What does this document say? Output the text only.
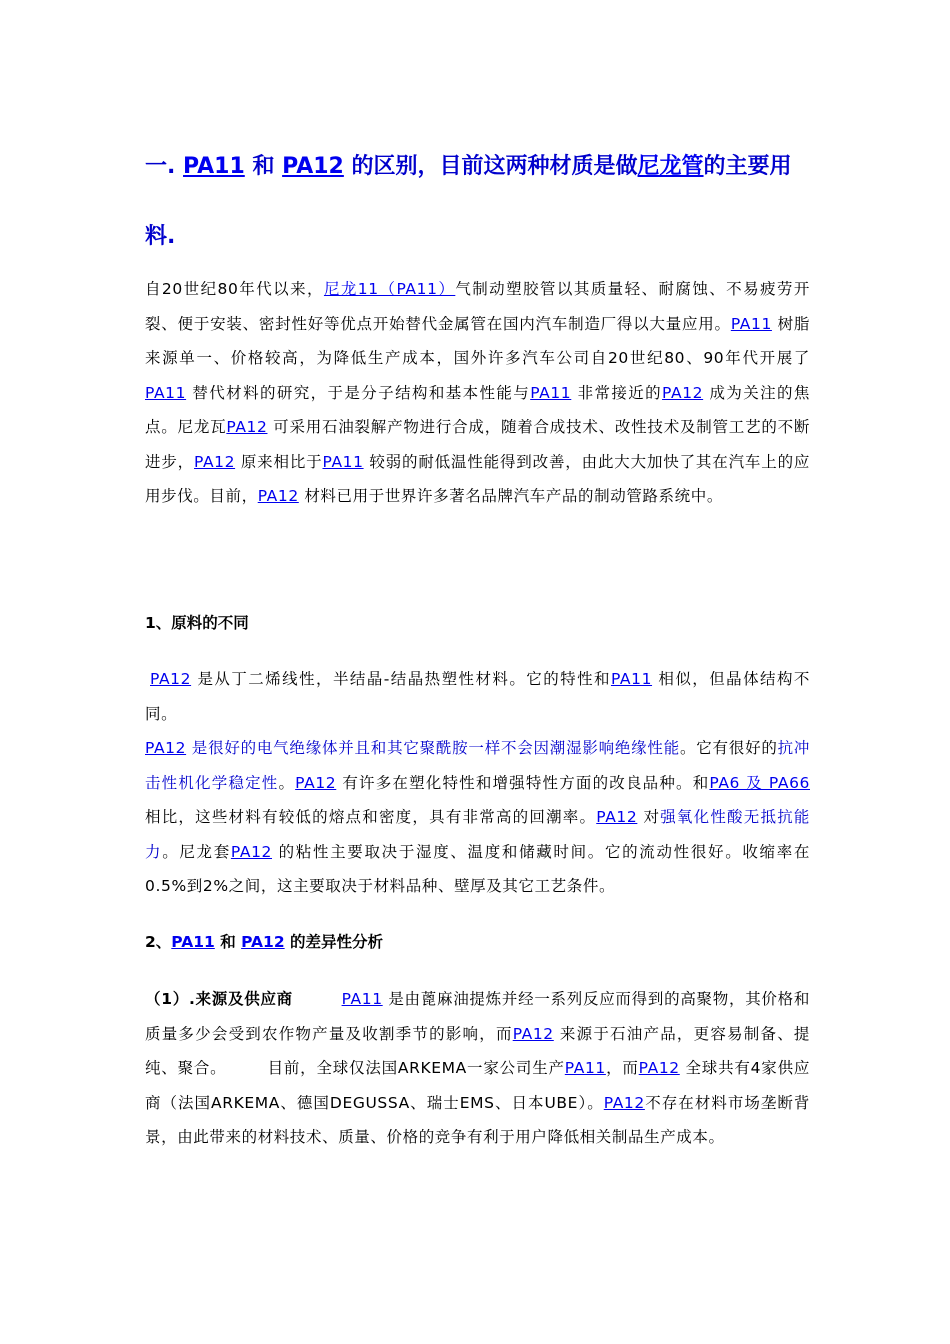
一. PA11 和 PA12 的区别，目前这两种材质是做尼龙管的主要用料.

自20世纪80年代以来，尼龙11（PA11）气制动塑胶管以其质量轻、耐腐蚀、不易疲劳开裂、便于安装、密封性好等优点开始替代金属管在国内汽车制造厂得以大量应用。PA11 树脂来源单一、价格较高，为降低生产成本，国外许多汽车公司自20世纪80、90年代开展了PA11 替代材料的研究，于是分子结构和基本性能与PA11 非常接近的PA12 成为关注的焦点。尼龙瓦PA12 可采用石油裂解产物进行合成，随着合成技术、改性技术及制管工艺的不断进步，PA12 原来相比于PA11 较弱的耐低温性能得到改善，由此大大加快了其在汽车上的应用步伐。目前，PA12 材料已用于世界许多著名品牌汽车产品的制动管路系统中。

1、原料的不同

PA12 是从丁二烯线性，半结晶-结晶热塑性材料。它的特性和PA11 相似，但晶体结构不同。

PA12 是很好的电气绝缘体并且和其它聚酰胺一样不会因潮湿影响绝缘性能。它有很好的抗冲击性机化学稳定性。PA12 有许多在塑化特性和增强特性方面的改良品种。和PA6 及 PA66 相比，这些材料有较低的熔点和密度，具有非常高的回潮率。PA12 对强氧化性酸无抵抗能力。尼龙套PA12 的粘性主要取决于湿度、温度和储藏时间。它的流动性很好。收缩率在0.5%到2%之间，这主要取决于材料品种、壁厚及其它工艺条件。

2、PA11 和 PA12 的差异性分析

（1）.来源及供应商　　　	PA11 是由蓖麻油提炼并经一系列反应而得到的高聚物，其价格和质量多少会受到农作物产量及收割季节的影响，而PA12 来源于石油产品，更容易制备、提纯、聚合。　　　目前，全球仅法国ARKEMA一家公司生产PA11，而PA12 全球共有4家供应商（法国ARKEMA、德国DEGUSSA、瑞士EMS、日本UBE）。PA12不存在材料市场垄断背景，由此带来的材料技术、质量、价格的竞争有利于用户降低相关制品生产成本。
